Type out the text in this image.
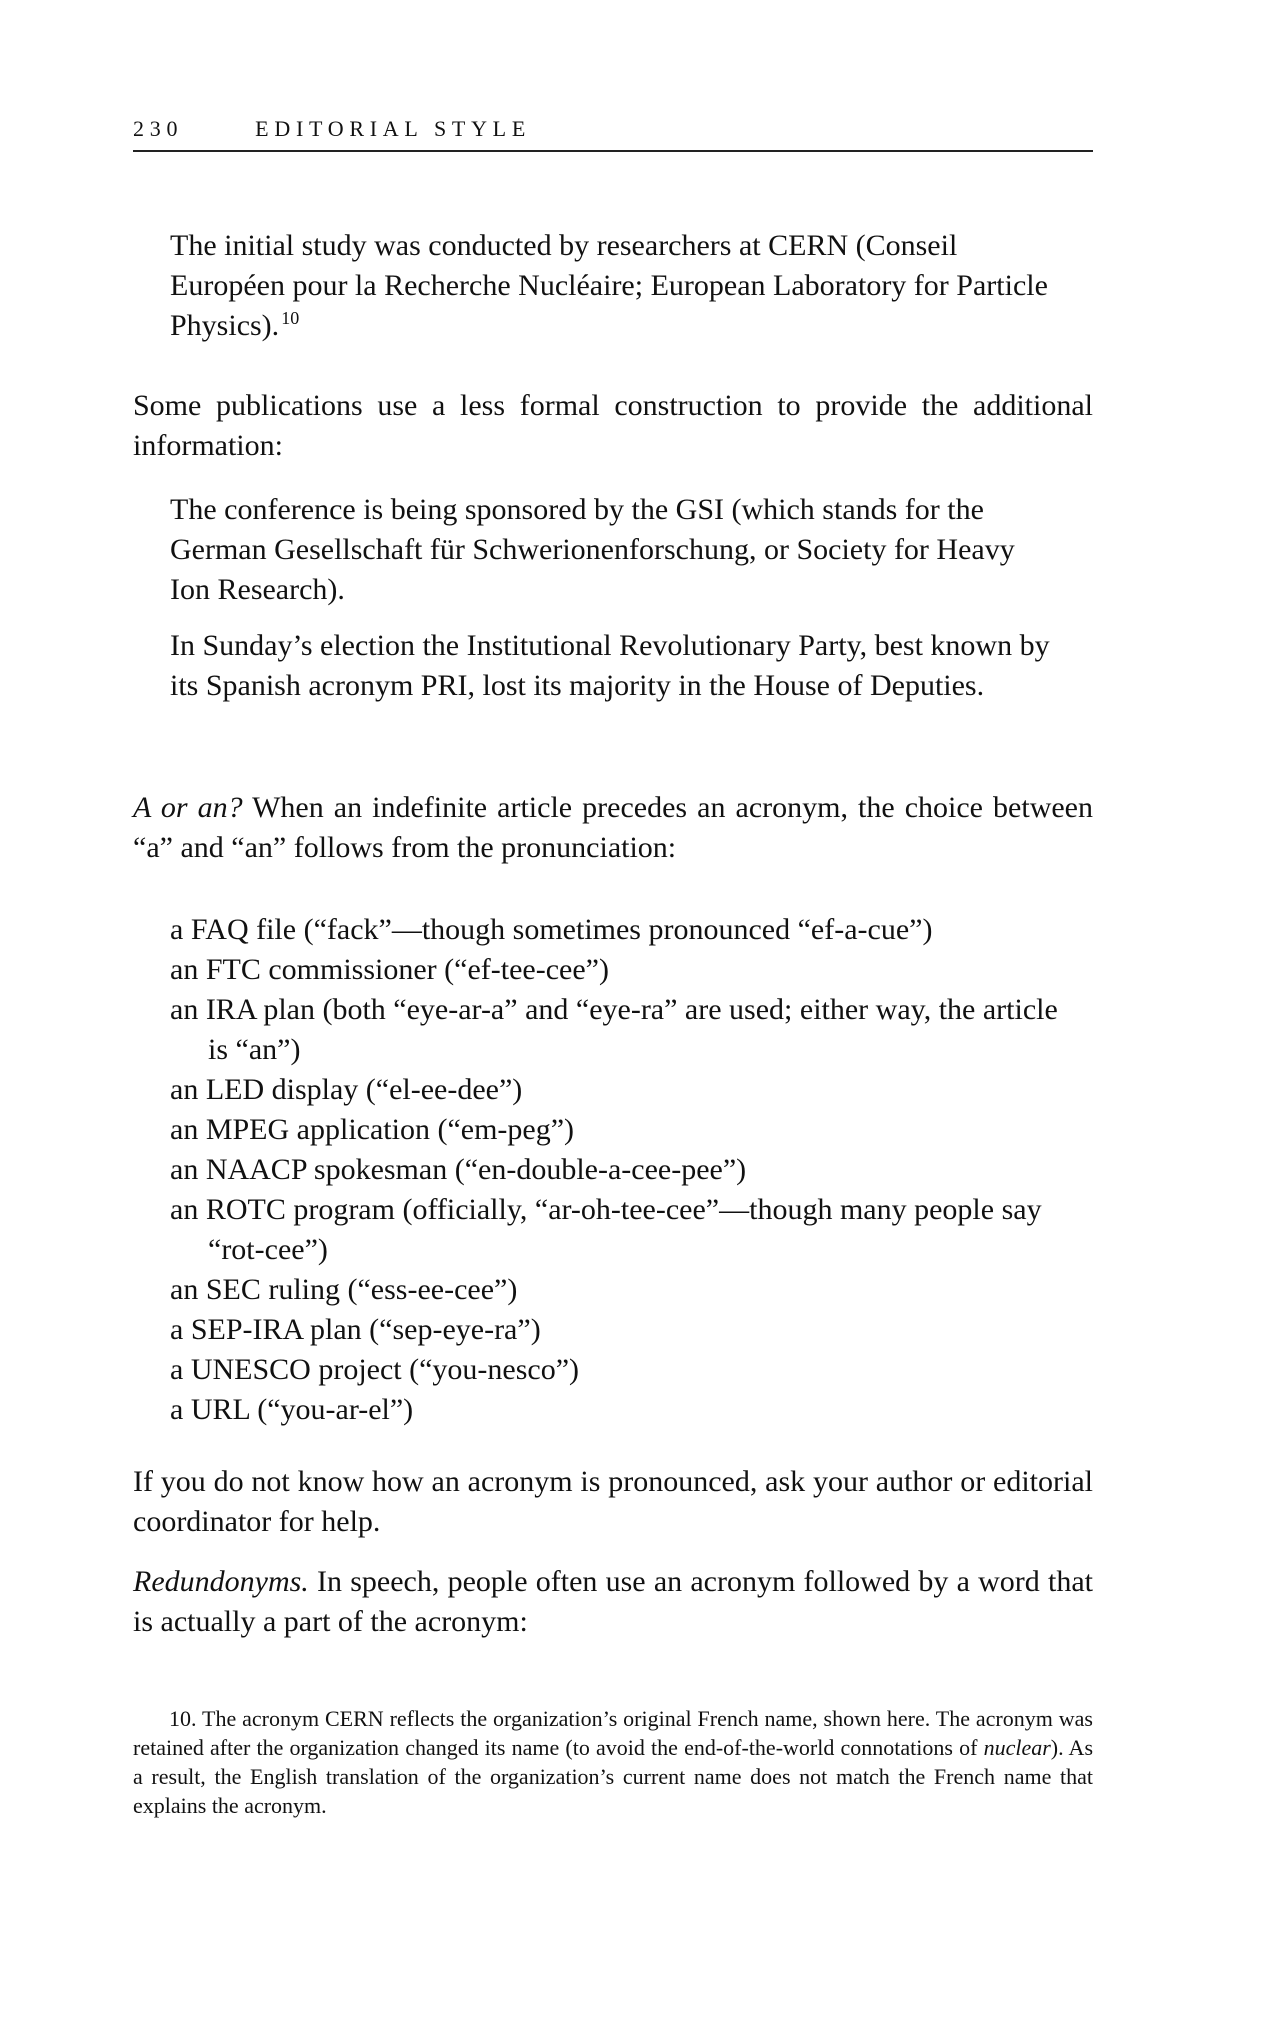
230	EDITORIAL STYLE

The initial study was conducted by researchers at CERN (Conseil Européen pour la Recherche Nucléaire; European Laboratory for Particle Physics). $^{10}$

Some publications use a less formal construction to provide the additional information:

The conference is being sponsored by the GSI (which stands for the German Gesellschaft für Schwerionenforschung, or Society for Heavy Ion Research).

In Sunday’s election the Institutional Revolutionary Party, best known by its Spanish acronym PRI, lost its majority in the House of Deputies.

A or an? When an indefinite article precedes an acronym, the choice between “a” and “an” follows from the pronunciation:

a FAQ file (“fack”—though sometimes pronounced “ef-a-cue”)
an FTC commissioner (“ef-tee-cee”)
an IRA plan (both “eye-ar-a” and “eye-ra” are used; either way, the article is “an”)
an LED display (“el-ee-dee”)
an MPEG application (“em-peg”)
an NAACP spokesman (“en-double-a-cee-pee”)
an ROTC program (officially, “ar-oh-tee-cee”—though many people say “rot-cee”)
an SEC ruling (“ess-ee-cee”)
a SEP-IRA plan (“sep-eye-ra”)
a UNESCO project (“you-nesco”)
a URL (“you-ar-el”)

If you do not know how an acronym is pronounced, ask your author or editorial coordinator for help.

Redundonyms. In speech, people often use an acronym followed by a word that is actually a part of the acronym:

10. The acronym CERN reflects the organization’s original French name, shown here. The acronym was retained after the organization changed its name (to avoid the end-of-the-world connotations of nuclear). As a result, the English translation of the organization’s current name does not match the French name that explains the acronym.
